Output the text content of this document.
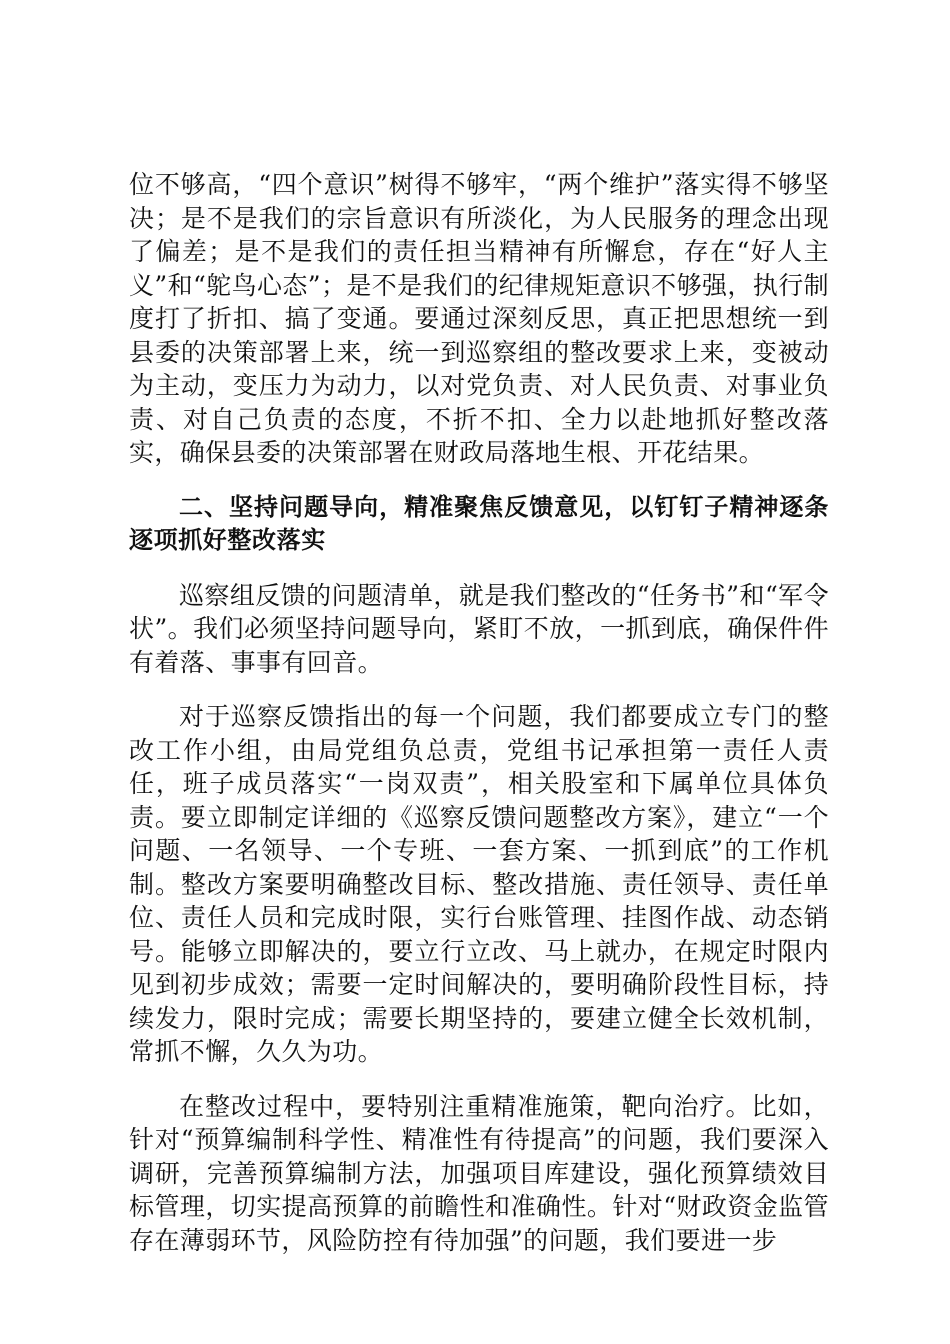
位不够高，“四个意识”树得不够牢，“两个维护”落实得不够坚决；是不是我们的宗旨意识有所淡化，为人民服务的理念出现了偏差；是不是我们的责任担当精神有所懈怠，存在“好人主义”和“鸵鸟心态”；是不是我们的纪律规矩意识不够强，执行制度打了折扣、搞了变通。要通过深刻反思，真正把思想统一到县委的决策部署上来，统一到巡察组的整改要求上来，变被动为主动，变压力为动力，以对党负责、对人民负责、对事业负责、对自己负责的态度，不折不扣、全力以赴地抓好整改落实，确保县委的决策部署在财政局落地生根、开花结果。

二、坚持问题导向，精准聚焦反馈意见，以钉钉子精神逐条逐项抓好整改落实

巡察组反馈的问题清单，就是我们整改的“任务书”和“军令状”。我们必须坚持问题导向，紧盯不放，一抓到底，确保件件有着落、事事有回音。

对于巡察反馈指出的每一个问题，我们都要成立专门的整改工作小组，由局党组负总责，党组书记承担第一责任人责任，班子成员落实“一岗双责”，相关股室和下属单位具体负责。要立即制定详细的《巡察反馈问题整改方案》，建立“一个问题、一名领导、一个专班、一套方案、一抓到底”的工作机制。整改方案要明确整改目标、整改措施、责任领导、责任单位、责任人员和完成时限，实行台账管理、挂图作战、动态销号。能够立即解决的，要立行立改、马上就办，在规定时限内见到初步成效；需要一定时间解决的，要明确阶段性目标，持续发力，限时完成；需要长期坚持的，要建立健全长效机制，常抓不懈，久久为功。

在整改过程中，要特别注重精准施策，靶向治疗。比如，针对“预算编制科学性、精准性有待提高”的问题，我们要深入调研，完善预算编制方法，加强项目库建设，强化预算绩效目标管理，切实提高预算的前瞻性和准确性。针对“财政资金监管存在薄弱环节，风险防控有待加强”的问题，我们要进一步
